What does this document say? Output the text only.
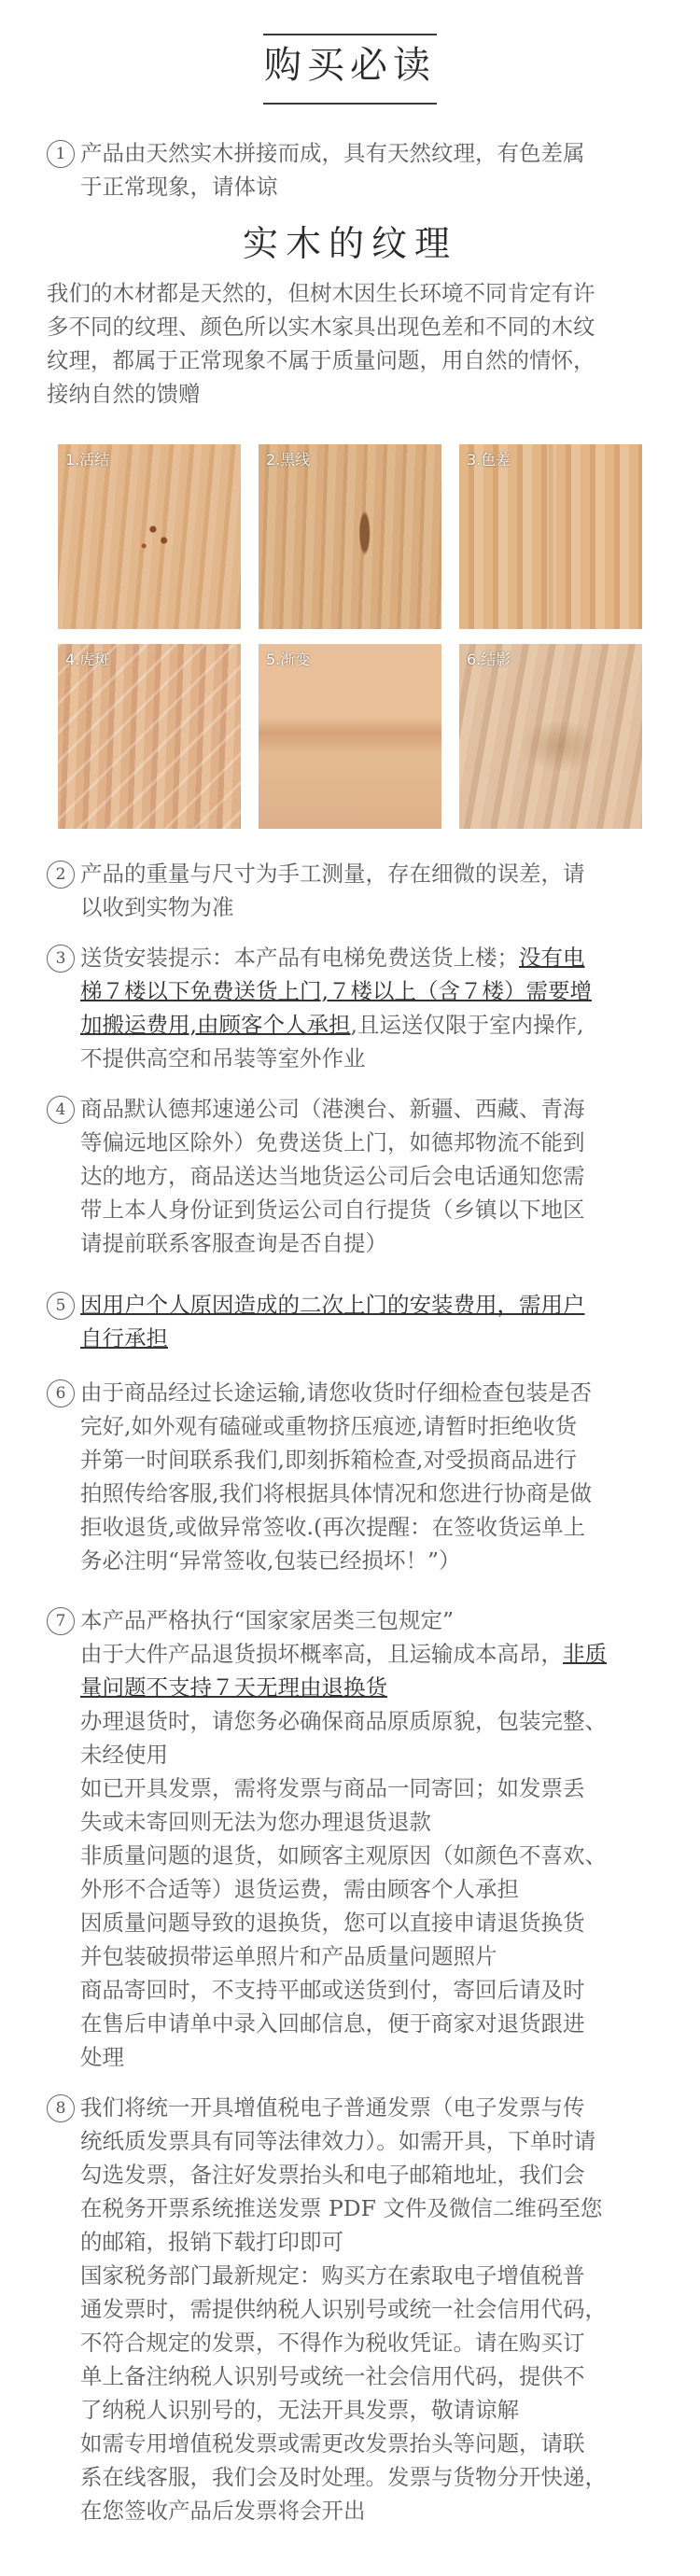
购买必读
1 产品由天然实木拼接而成，具有天然纹理，有色差属
于正常现象，请体谅
实木的纹理
我们的木材都是天然的，但树木因生长环境不同肯定有许
多不同的纹理、颜色所以实木家具出现色差和不同的木纹
纹理，都属于正常现象不属于质量问题，用自然的情怀，
接纳自然的馈赠
1.活结	2.黑线	3.色差
4.虎斑	5.渐变	6.结影
2 产品的重量与尺寸为手工测量，存在细微的误差，请
以收到实物为准
3 送货安装提示：本产品有电梯免费送货上楼；没有电
梯７楼以下免费送货上门,７楼以上（含７楼）需要增
加搬运费用,由顾客个人承担,且运送仅限于室内操作,
不提供高空和吊装等室外作业
4 商品默认德邦速递公司（港澳台、新疆、西藏、青海
等偏远地区除外）免费送货上门，如德邦物流不能到
达的地方，商品送达当地货运公司后会电话通知您需
带上本人身份证到货运公司自行提货（乡镇以下地区
请提前联系客服查询是否自提）
5 因用户个人原因造成的二次上门的安装费用，需用户
自行承担
6 由于商品经过长途运输,请您收货时仔细检查包装是否
完好,如外观有磕碰或重物挤压痕迹,请暂时拒绝收货
并第一时间联系我们,即刻拆箱检查,对受损商品进行
拍照传给客服,我们将根据具体情况和您进行协商是做
拒收退货,或做异常签收.(再次提醒：在签收货运单上
务必注明“异常签收,包装已经损坏！”）
7 本产品严格执行“国家家居类三包规定”
由于大件产品退货损坏概率高，且运输成本高昂，非质
量问题不支持７天无理由退换货
办理退货时，请您务必确保商品原质原貌，包装完整、
未经使用
如已开具发票，需将发票与商品一同寄回；如发票丢
失或未寄回则无法为您办理退货退款
非质量问题的退货，如顾客主观原因（如颜色不喜欢、
外形不合适等）退货运费，需由顾客个人承担
因质量问题导致的退换货，您可以直接申请退货换货
并包装破损带运单照片和产品质量问题照片
商品寄回时，不支持平邮或送货到付，寄回后请及时
在售后申请单中录入回邮信息，便于商家对退货跟进
处理
8 我们将统一开具增值税电子普通发票（电子发票与传
统纸质发票具有同等法律效力）。如需开具，下单时请
勾选发票，备注好发票抬头和电子邮箱地址，我们会
在税务开票系统推送发票 PDF 文件及微信二维码至您
的邮箱，报销下载打印即可
国家税务部门最新规定：购买方在索取电子增值税普
通发票时，需提供纳税人识别号或统一社会信用代码，
不符合规定的发票，不得作为税收凭证。请在购买订
单上备注纳税人识别号或统一社会信用代码，提供不
了纳税人识别号的，无法开具发票，敬请谅解
如需专用增值税发票或需更改发票抬头等问题，请联
系在线客服，我们会及时处理。发票与货物分开快递，
在您签收产品后发票将会开出
